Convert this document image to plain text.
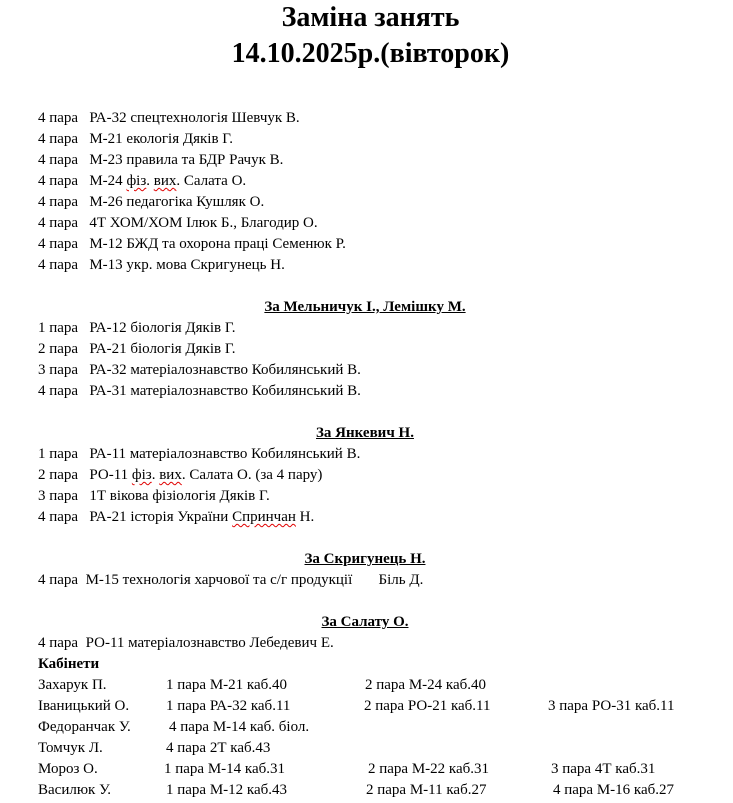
Заміна занять
14.10.2025р.(вівторок)
4 пара РА-32 спецтехнологія Шевчук В.
4 пара М-21 екологія Дяків Г.
4 пара М-23 правила та БДР Рачук В.
4 пара М-24 фіз. вих. Салата О.
4 пара М-26 педагогіка Кушляк О.
4 пара 4Т ХОМ/ХОМ Ілюк Б., Благодир О.
4 пара М-12 БЖД та охорона праці Семенюк Р.
4 пара М-13 укр. мова Скригунець Н.
За Мельничук І., Лемішку М.
1 пара РА-12 біологія Дяків Г.
2 пара РА-21 біологія Дяків Г.
3 пара РА-32 матеріалознавство Кобилянський В.
4 пара РА-31 матеріалознавство Кобилянський В.
За Янкевич Н.
1 пара РА-11 матеріалознавство Кобилянський В.
2 пара РО-11 фіз. вих. Салата О. (за 4 пару)
3 пара 1Т вікова фізіологія Дяків Г.
4 пара РА-21 історія України Спринчан Н.
За Скригунець Н.
4 пара М-15 технологія харчової та с/г продукції Біль Д.
За Салату О.
4 пара РО-11 матеріалознавство Лебедевич Е.
Кабінети
Захарук П.	1 пара М-21 каб.40	2 пара М-24 каб.40
Іваницький О. 1 пара РА-32 каб.11	2 пара РО-21 каб.11	3 пара РО-31 каб.11
Федоранчак У.	4 пара М-14 каб. біол.
Томчук Л.	4 пара 2Т каб.43
Мороз О.	1 пара М-14 каб.31	2 пара М-22 каб.31	3 пара 4Т каб.31
Василюк У.	1 пара М-12 каб.43	2 пара М-11 каб.27	4 пара М-16 каб.27
